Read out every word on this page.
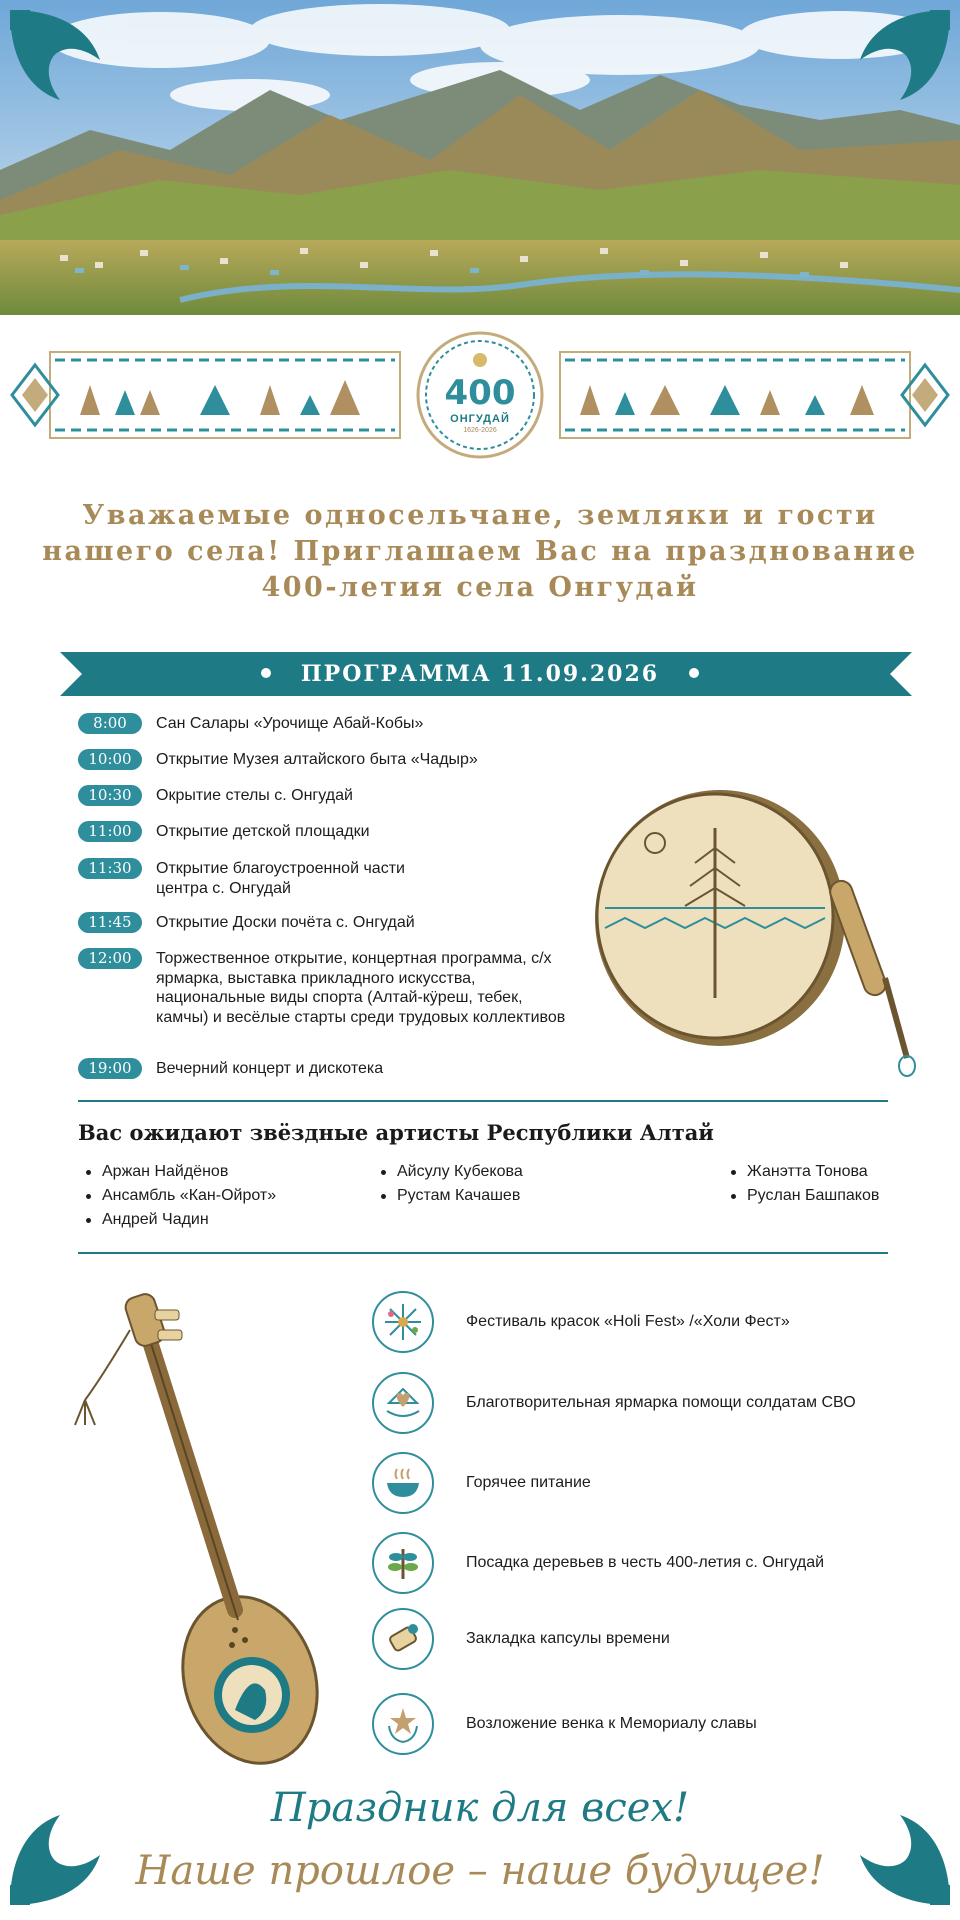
400
ОНГУДАЙ
1626-2026
Уважаемые односельчане, земляки и гости нашего села! Приглашаем Вас на празднование 400-летия села Онгудай
ПРОГРАММА 11.09.2026
8:00	Сан Салары «Урочище Абай-Кобы»
10:00	Открытие Музея алтайского быта «Чадыр»
10:30	Окрытие стелы с. Онгудай
11:00	Открытие детской площадки
11:30	Открытие благоустроенной части центра с. Онгудай
11:45	Открытие Доски почёта с. Онгудай
12:00	Торжественное открытие, концертная программа, с/х ярмарка, выставка прикладного искусства, национальные виды спорта (Алтай-кӱреш, тебек, камчы) и весёлые старты среди трудовых коллективов
19:00	Вечерний концерт и дискотека
Вас ожидают звёздные артисты Республики Алтай
Аржан Найдёнов
Ансамбль «Кан-Ойрот»
Андрей Чадин
Айсулу Кубекова
Рустам Качашев
Жанэтта Тонова
Руслан Башпаков
Фестиваль красок «Holi Fest» /«Холи Фест»
Благотворительная ярмарка помощи солдатам СВО
Горячее питание
Посадка деревьев в честь 400-летия с. Онгудай
Закладка капсулы времени
Возложение венка к Мемориалу славы
Праздник для всех!
Наше прошлое – наше будущее!
